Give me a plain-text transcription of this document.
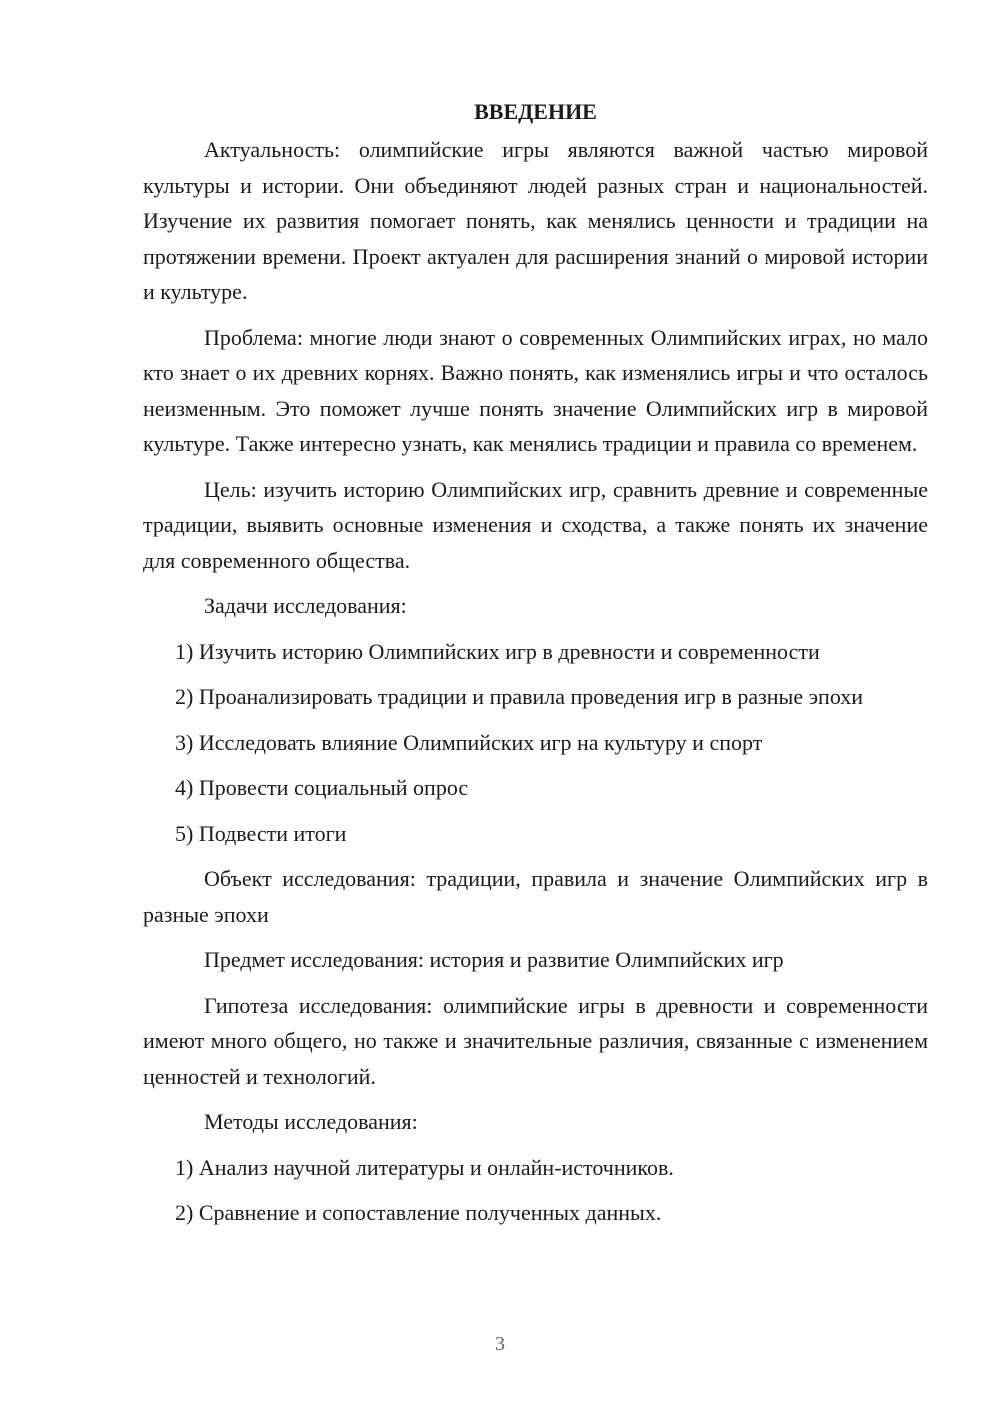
ВВЕДЕНИЕ

Актуальность: олимпийские игры являются важной частью мировой культуры и истории. Они объединяют людей разных стран и национальностей. Изучение их развития помогает понять, как менялись ценности и традиции на протяжении времени. Проект актуален для расширения знаний о мировой истории и культуре.

Проблема: многие люди знают о современных Олимпийских играх, но мало кто знает о их древних корнях. Важно понять, как изменялись игры и что осталось неизменным. Это поможет лучше понять значение Олимпийских игр в мировой культуре. Также интересно узнать, как менялись традиции и правила со временем.

Цель: изучить историю Олимпийских игр, сравнить древние и современные традиции, выявить основные изменения и сходства, а также понять их значение для современного общества.

Задачи исследования:

1) Изучить историю Олимпийских игр в древности и современности

2) Проанализировать традиции и правила проведения игр в разные эпохи

3) Исследовать влияние Олимпийских игр на культуру и спорт

4) Провести социальный опрос

5) Подвести итоги

Объект исследования: традиции, правила и значение Олимпийских игр в разные эпохи

Предмет исследования: история и развитие Олимпийских игр

Гипотеза исследования: олимпийские игры в древности и современности имеют много общего, но также и значительные различия, связанные с изменением ценностей и технологий.

Методы исследования:

1) Анализ научной литературы и онлайн-источников.

2) Сравнение и сопоставление полученных данных.

3
